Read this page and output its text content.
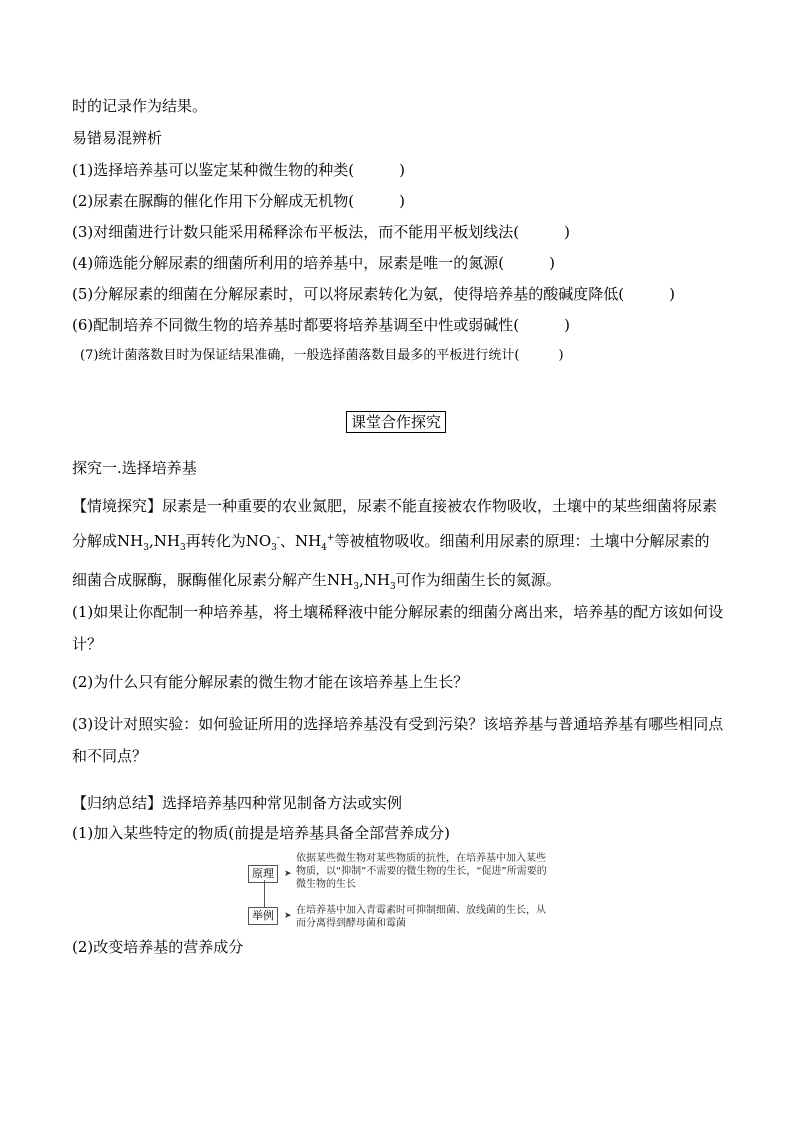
时的记录作为结果。
易错易混辨析
(1)选择培养基可以鉴定某种微生物的种类(　　　)
(2)尿素在脲酶的催化作用下分解成无机物(　　　)
(3)对细菌进行计数只能采用稀释涂布平板法，而不能用平板划线法(　　　)
(4)筛选能分解尿素的细菌所利用的培养基中，尿素是唯一的氮源(　　　)
(5)分解尿素的细菌在分解尿素时，可以将尿素转化为氨，使得培养基的酸碱度降低(　　　)
(6)配制培养不同微生物的培养基时都要将培养基调至中性或弱碱性(　　　)
(7)统计菌落数目时为保证结果准确，一般选择菌落数目最多的平板进行统计(　　　)
课堂合作探究
探究一.选择培养基
【情境探究】尿素是一种重要的农业氮肥，尿素不能直接被农作物吸收，土壤中的某些细菌将尿素分解成$NH_3,NH_3$再转化为$NO_3^-$、$NH_4^+$等被植物吸收。细菌利用尿素的原理：土壤中分解尿素的细菌合成脲酶，脲酶催化尿素分解产生$NH_3,NH_3$可作为细菌生长的氮源。
(1)如果让你配制一种培养基，将土壤稀释液中能分解尿素的细菌分离出来，培养基的配方该如何设计？
(2)为什么只有能分解尿素的微生物才能在该培养基上生长？
(3)设计对照实验：如何验证所用的选择培养基没有受到污染？该培养基与普通培养基有哪些相同点和不同点？
【归纳总结】选择培养基四种常见制备方法或实例
(1)加入某些特定的物质(前提是培养基具备全部营养成分)
原理
举例
➤
➤
依据某些微生物对某些物质的抗性，在培养基中加入某些物质，以“抑制”不需要的微生物的生长，“促进”所需要的微生物的生长
在培养基中加入青霉素时可抑制细菌、放线菌的生长，从而分离得到酵母菌和霉菌
(2)改变培养基的营养成分
